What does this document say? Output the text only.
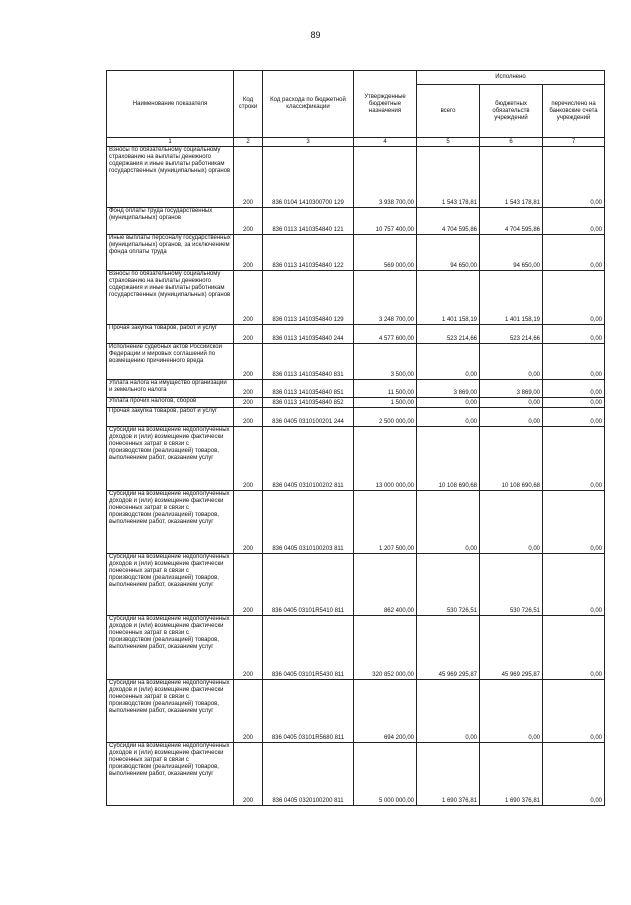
89
Наименование показателя	Код строки	Код расхода по бюджетной классификации	Утвержденные бюджетные назначения	Исполнено		
				всего	бюджетных обязательств учреждений	перечислено на банковские счета учреждений
1	2	3	4	5	6	7
Взносы по обязательному социальному страхованию на выплаты денежного содержания и иные выплаты работникам государственных (муниципальных) органов	200	836 0104 1410300700 129	3 938 700,00	1 543 178,81	1 543 178,81	0,00
Фонд оплаты труда государственных (муниципальных) органов	200	836 0113 1410354840 121	10 757 400,00	4 704 595,86	4 704 595,86	0,00
Иные выплаты персоналу государственных (муниципальных) органов, за исключением фонда оплаты труда	200	836 0113 1410354840 122	569 000,00	94 650,00	94 650,00	0,00
Взносы по обязательному социальному страхованию на выплаты денежного содержания и иные выплаты работникам государственных (муниципальных) органов	200	836 0113 1410354840 129	3 248 700,00	1 401 158,19	1 401 158,19	0,00
Прочая закупка товаров, работ и услуг	200	836 0113 1410354840 244	4 577 600,00	523 214,66	523 214,66	0,00
Исполнение судебных актов Российской Федерации и мировых соглашений по возмещению причиненного вреда	200	836 0113 1410354840 831	3 500,00	0,00	0,00	0,00
Уплата налога на имущество организаций и земельного налога	200	836 0113 1410354840 851	11 500,00	3 869,00	3 869,00	0,00
Уплата прочих налогов, сборов	200	836 0113 1410354840 852	1 500,00	0,00	0,00	0,00
Прочая закупка товаров, работ и услуг	200	836 0405 0310100201 244	2 500 000,00	0,00	0,00	0,00
Субсидии на возмещение недополученных доходов и (или) возмещение фактически понесенных затрат в связи с производством (реализацией) товаров, выполнением работ, оказанием услуг	200	836 0405 0310100202 811	13 000 000,00	10 108 690,68	10 108 690,68	0,00
Субсидии на возмещение недополученных доходов и (или) возмещение фактически понесенных затрат в связи с производством (реализацией) товаров, выполнением работ, оказанием услуг	200	836 0405 0310100203 811	1 207 500,00	0,00	0,00	0,00
Субсидии на возмещение недополученных доходов и (или) возмещение фактически понесенных затрат в связи с производством (реализацией) товаров, выполнением работ, оказанием услуг	200	836 0405 03101R5410 811	862 400,00	530 726,51	530 726,51	0,00
Субсидии на возмещение недополученных доходов и (или) возмещение фактически понесенных затрат в связи с производством (реализацией) товаров, выполнением работ, оказанием услуг	200	836 0405 03101R5430 811	320 852 000,00	45 969 295,87	45 969 295,87	0,00
Субсидии на возмещение недополученных доходов и (или) возмещение фактически понесенных затрат в связи с производством (реализацией) товаров, выполнением работ, оказанием услуг	200	836 0405 03101R5680 811	694 200,00	0,00	0,00	0,00
Субсидии на возмещение недополученных доходов и (или) возмещение фактически понесенных затрат в связи с производством (реализацией) товаров, выполнением работ, оказанием услуг	200	836 0405 0320100200 811	5 000 000,00	1 690 376,81	1 690 376,81	0,00
